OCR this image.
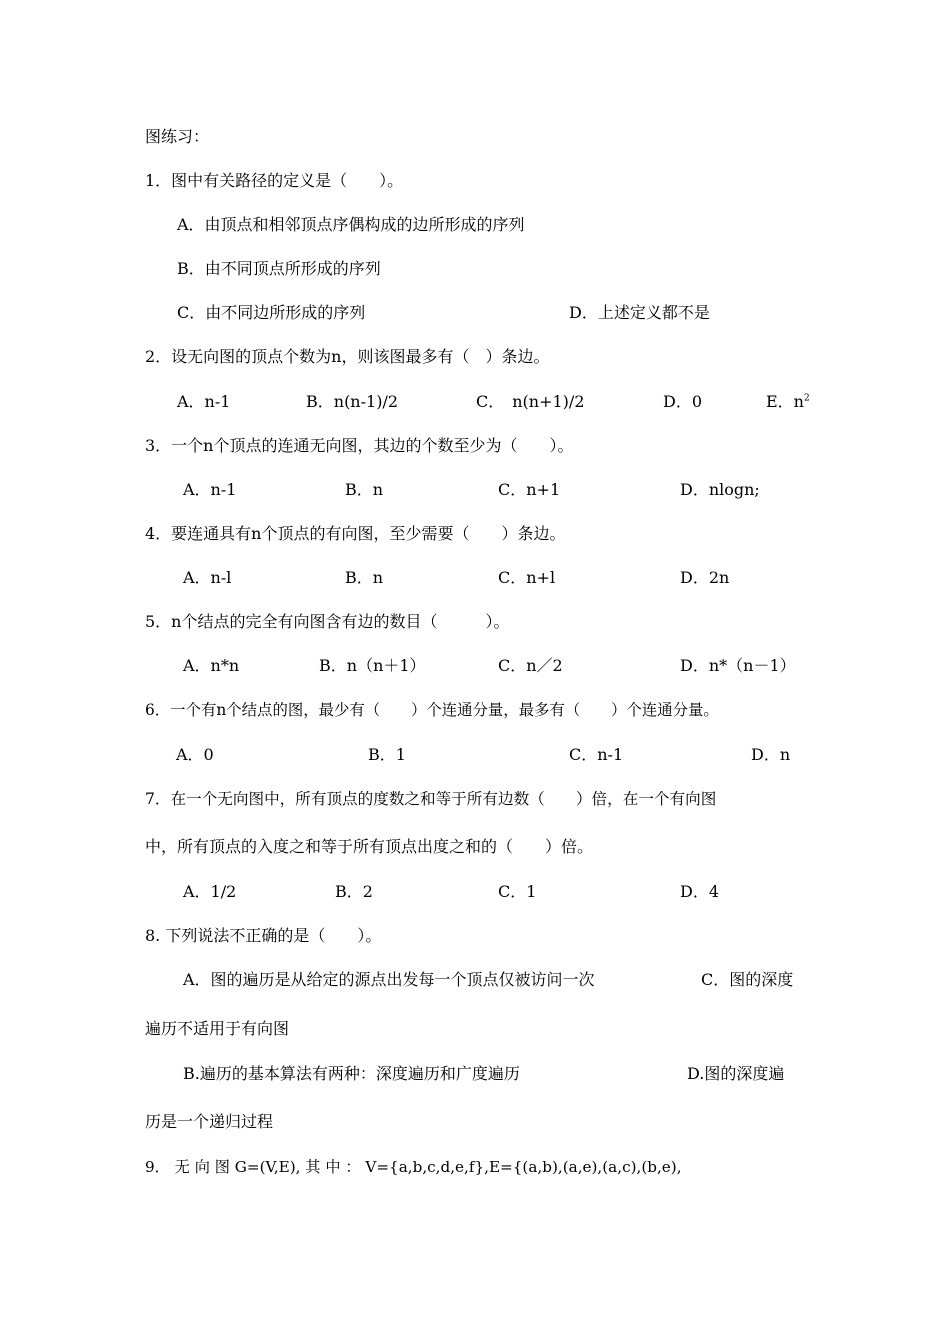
图练习：
1．图中有关路径的定义是（　　）。
A．由顶点和相邻顶点序偶构成的边所形成的序列
B．由不同顶点所形成的序列
C．由不同边所形成的序列	D．上述定义都不是
2．设无向图的顶点个数为n，则该图最多有（　）条边。
A．n-1	B．n(n-1)/2	C．　n(n+1)/2	D．0	E．$n^2$
3．一个n个顶点的连通无向图，其边的个数至少为（　　）。
A．n-1	B．n	C．n+1	D．nlogn;
4．要连通具有n个顶点的有向图，至少需要（　　）条边。
A．n-l	B．n	C．n+l	D．2n
5．n个结点的完全有向图含有边的数目（　　　）。
A．n*n	B．n（n＋1）	C．n／2	D．n*（n－1）
6．一个有n个结点的图，最少有（　　）个连通分量，最多有（　　）个连通分量。
A．0	B．1	C．n-1	D．n
7．在一个无向图中，所有顶点的度数之和等于所有边数（　　）倍，在一个有向图
中，所有顶点的入度之和等于所有顶点出度之和的（　　）倍。
A．1/2	B．2	C．1	D．4
8. 下列说法不正确的是（　　）。
A．图的遍历是从给定的源点出发每一个顶点仅被访问一次	C．图的深度
遍历不适用于有向图
B.遍历的基本算法有两种：深度遍历和广度遍历	D.图的深度遍
历是一个递归过程
9． 无 向 图 G=(V,E), 其 中 ： V={a,b,c,d,e,f},E={(a,b),(a,e),(a,c),(b,e),
